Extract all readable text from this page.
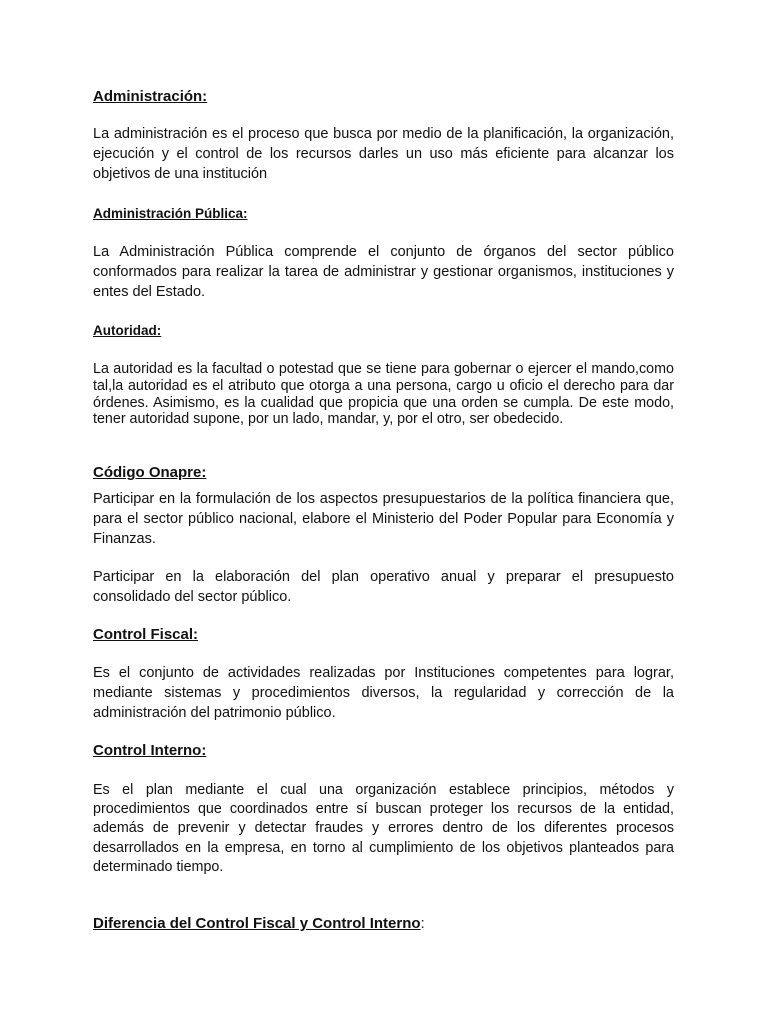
Administración:

La administración es el proceso que busca por medio de la planificación, la organización, ejecución y el control de los recursos darles un uso más eficiente para alcanzar los objetivos de una institución

Administración Pública:

La Administración Pública comprende el conjunto de órganos del sector público conformados para realizar la tarea de administrar y gestionar organismos, instituciones y entes del Estado.

Autoridad:

La autoridad es la facultad o potestad que se tiene para gobernar o ejercer el mando,como tal,la autoridad es el atributo que otorga a una persona, cargo u oficio el derecho para dar órdenes. Asimismo, es la cualidad que propicia que una orden se cumpla. De este modo, tener autoridad supone, por un lado, mandar, y, por el otro, ser obedecido.

Código Onapre:

Participar en la formulación de los aspectos presupuestarios de la política financiera que, para el sector público nacional, elabore el Ministerio del Poder Popular para Economía y Finanzas.

Participar en la elaboración del plan operativo anual y preparar el presupuesto consolidado del sector público.

Control Fiscal:

Es el conjunto de actividades realizadas por Instituciones competentes para lograr, mediante sistemas y procedimientos diversos, la regularidad y corrección de la administración del patrimonio público.

Control Interno:

Es el plan mediante el cual una organización establece principios, métodos y procedimientos que coordinados entre sí buscan proteger los recursos de la entidad, además de prevenir y detectar fraudes y errores dentro de los diferentes procesos desarrollados en la empresa, en torno al cumplimiento de los objetivos planteados para determinado tiempo.

Diferencia del Control Fiscal y Control Interno:
